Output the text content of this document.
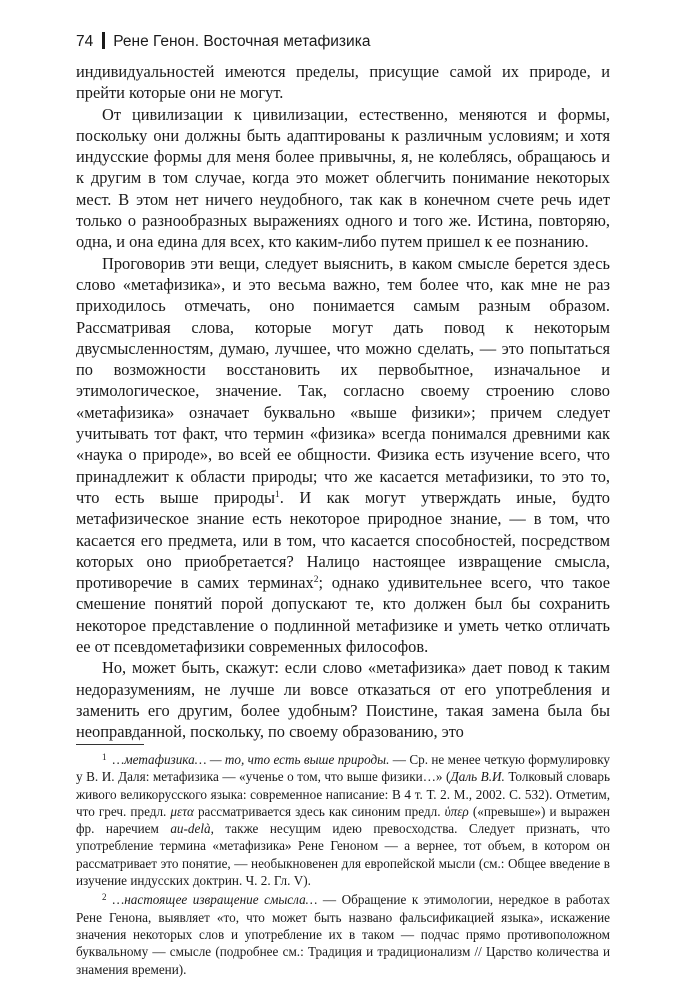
74 Рене Генон. Восточная метафизика

индивидуальностей имеются пределы, присущие самой их природе, и прейти которые они не могут.

От цивилизации к цивилизации, естественно, меняются и формы, поскольку они должны быть адаптированы к различным условиям; и хотя индусские формы для меня более привычны, я, не колеблясь, обращаюсь и к другим в том случае, когда это может облегчить понимание некоторых мест. В этом нет ничего неудобного, так как в конечном счете речь идет только о разнообразных выражениях одного и того же. Истина, повторяю, одна, и она едина для всех, кто каким-либо путем пришел к ее познанию.

Проговорив эти вещи, следует выяснить, в каком смысле берется здесь слово «метафизика», и это весьма важно, тем более что, как мне не раз приходилось отмечать, оно понимается самым разным образом. Рассматривая слова, которые могут дать повод к некоторым двусмысленностям, думаю, лучшее, что можно сделать, — это попытаться по возможности восстановить их первобытное, изначальное и этимологическое, значение. Так, согласно своему строению слово «метафизика» означает буквально «выше физики»; причем следует учитывать тот факт, что термин «физика» всегда понимался древними как «наука о природе», во всей ее общности. Физика есть изучение всего, что принадлежит к области природы; что же касается метафизики, то это то, что есть выше природы$^1$. И как могут утверждать иные, будто метафизическое знание есть некоторое природное знание, — в том, что касается его предмета, или в том, что касается способностей, посредством которых оно приобретается? Налицо настоящее извращение смысла, противоречие в самих терминах$^2$; однако удивительнее всего, что такое смешение понятий порой допускают те, кто должен был бы сохранить некоторое представление о подлинной метафизике и уметь четко отличать ее от псевдометафизики современных философов.

Но, может быть, скажут: если слово «метафизика» дает повод к таким недоразумениям, не лучше ли вовсе отказаться от его употребления и заменить его другим, более удобным? Поистине, такая замена была бы неоправданной, поскольку, по своему образованию, это

$^1$ …метафизика… — то, что есть выше природы. — Ср. не менее четкую формулировку у В. И. Даля: метафизика — «ученье о том, что выше физики…» (Даль В.И. Толковый словарь живого великорусского языка: современное написание: В 4 т. Т. 2. М., 2002. С. 532). Отметим, что греч. предл. μετα рассматривается здесь как синоним предл. ὑπερ («превыше») и выражен фр. наречием au-delà, также несущим идею превосходства. Следует признать, что употребление термина «метафизика» Рене Геноном — а вернее, тот объем, в котором он рассматривает это понятие, — необыкновенен для европейской мысли (см.: Общее введение в изучение индусских доктрин. Ч. 2. Гл. V).

$^2$ …настоящее извращение смысла… — Обращение к этимологии, нередкое в работах Рене Генона, выявляет «то, что может быть названо фальсификацией языка», искажение значения некоторых слов и употребление их в таком — подчас прямо противоположном буквальному — смысле (подробнее см.: Традиция и традиционализм // Царство количества и знамения времени).
